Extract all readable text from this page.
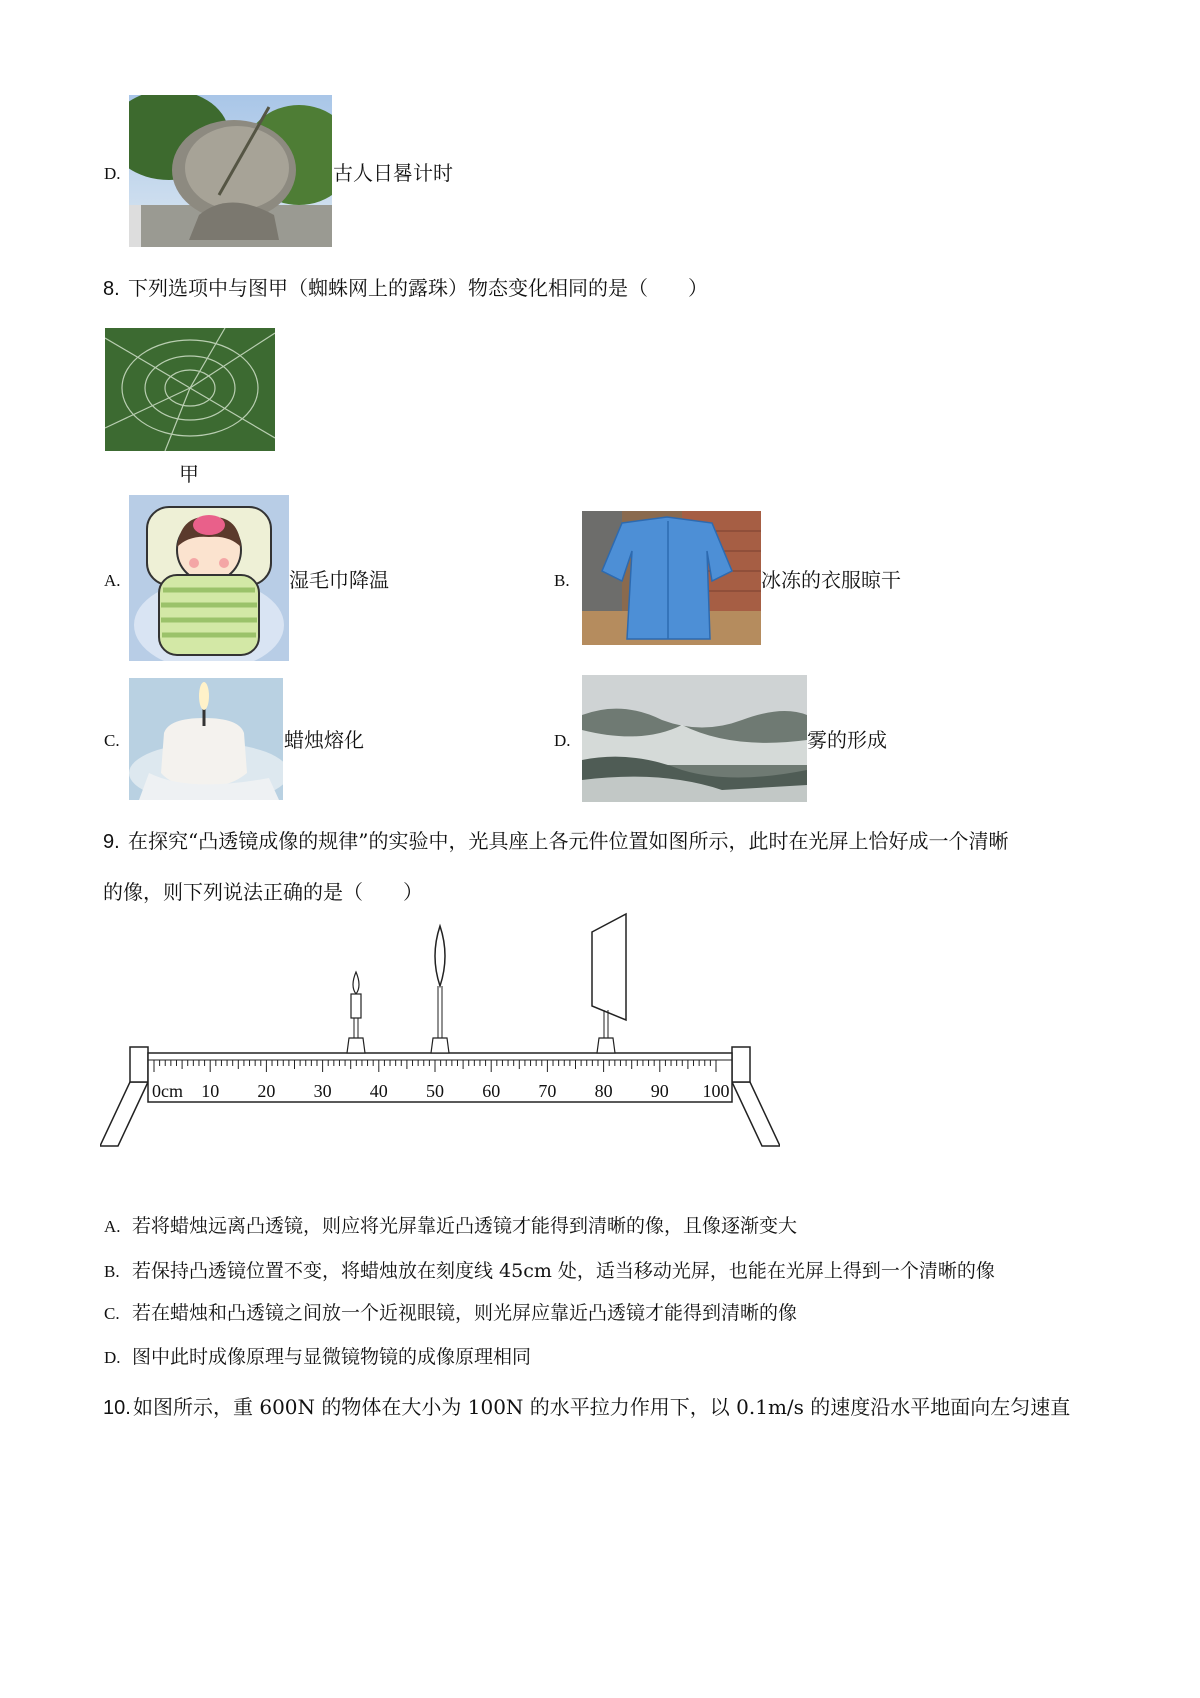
D.	古人日晷计时
8. 下列选项中与图甲（蜘蛛网上的露珠）物态变化相同的是（　　）
甲
A.	湿毛巾降温	B.	冰冻的衣服晾干
C.	蜡烛熔化	D.	雾的形成
9. 在探究“凸透镜成像的规律”的实验中，光具座上各元件位置如图所示，此时在光屏上恰好成一个清晰
的像，则下列说法正确的是（　　）
0cm 10 20 30 40 50 60 70 80 90 100
A. 若将蜡烛远离凸透镜，则应将光屏靠近凸透镜才能得到清晰的像，且像逐渐变大
B. 若保持凸透镜位置不变，将蜡烛放在刻度线 45cm 处，适当移动光屏，也能在光屏上得到一个清晰的像
C. 若在蜡烛和凸透镜之间放一个近视眼镜，则光屏应靠近凸透镜才能得到清晰的像
D. 图中此时成像原理与显微镜物镜的成像原理相同
10. 如图所示，重 600N 的物体在大小为 100N 的水平拉力作用下，以 0.1m/s 的速度沿水平地面向左匀速直
